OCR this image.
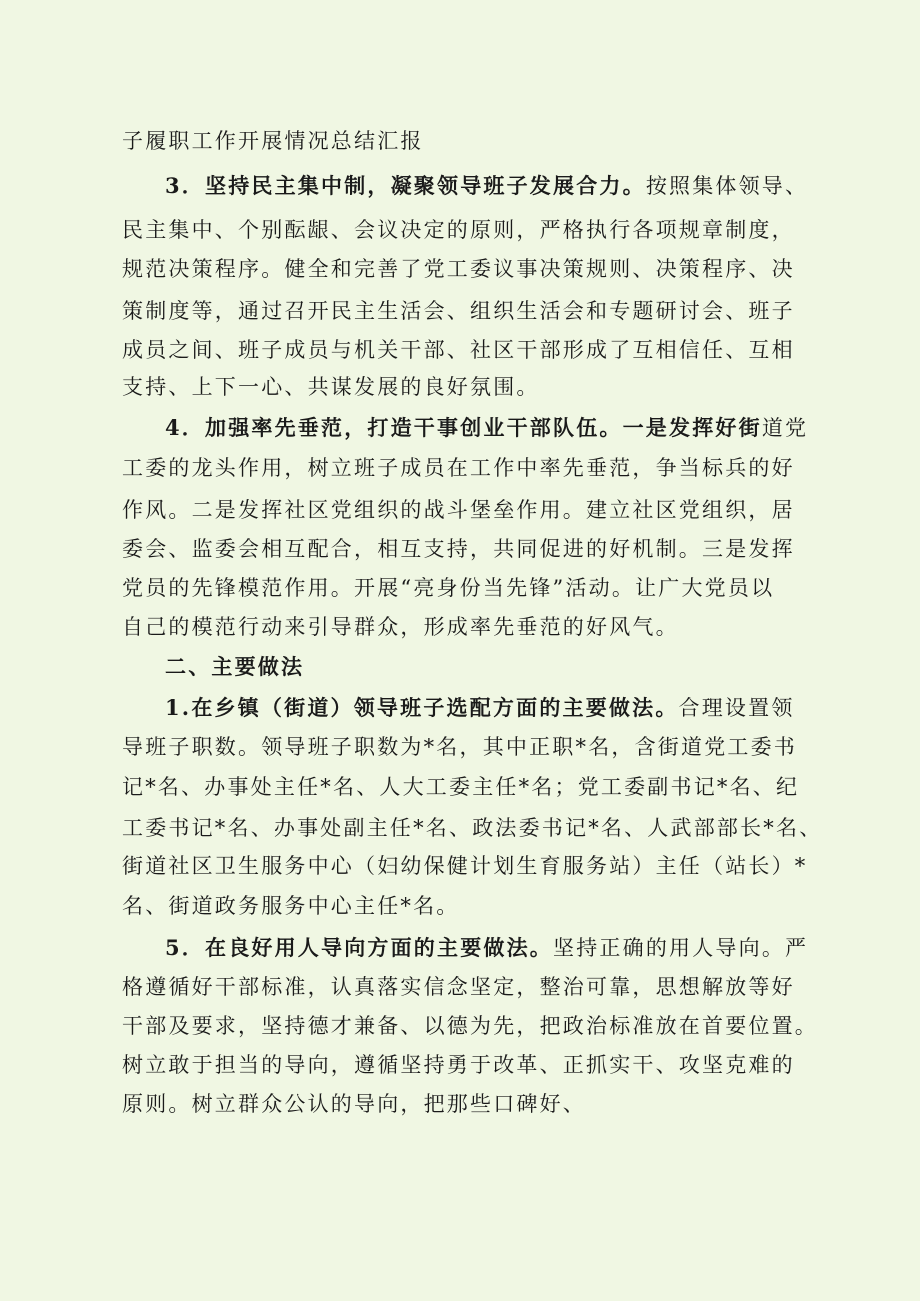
子履职工作开展情况总结汇报
3．坚持民主集中制，凝聚领导班子发展合力。按照集体领导、
民主集中、个别酝龈、会议决定的原则，严格执行各项规章制度，
规范决策程序。健全和完善了党工委议事决策规则、决策程序、决
策制度等，通过召开民主生活会、组织生活会和专题研讨会、班子
成员之间、班子成员与机关干部、社区干部形成了互相信任、互相
支持、上下一心、共谋发展的良好氛围。
4．加强率先垂范，打造干事创业干部队伍。一是发挥好街道党
工委的龙头作用，树立班子成员在工作中率先垂范，争当标兵的好
作风。二是发挥社区党组织的战斗堡垒作用。建立社区党组织，居
委会、监委会相互配合，相互支持，共同促进的好机制。三是发挥
党员的先锋模范作用。开展“亮身份当先锋”活动。让广大党员以
自己的模范行动来引导群众，形成率先垂范的好风气。
二、主要做法
1.在乡镇（街道）领导班子选配方面的主要做法。合理设置领
导班子职数。领导班子职数为*名，其中正职*名，含街道党工委书
记*名、办事处主任*名、人大工委主任*名；党工委副书记*名、纪
工委书记*名、办事处副主任*名、政法委书记*名、人武部部长*名、
街道社区卫生服务中心（妇幼保健计划生育服务站）主任（站长）*
名、街道政务服务中心主任*名。
5．在良好用人导向方面的主要做法。坚持正确的用人导向。严
格遵循好干部标准，认真落实信念坚定，整治可靠，思想解放等好
干部及要求，坚持德才兼备、以德为先，把政治标准放在首要位置。
树立敢于担当的导向，遵循坚持勇于改革、正抓实干、攻坚克难的
原则。树立群众公认的导向，把那些口碑好、
